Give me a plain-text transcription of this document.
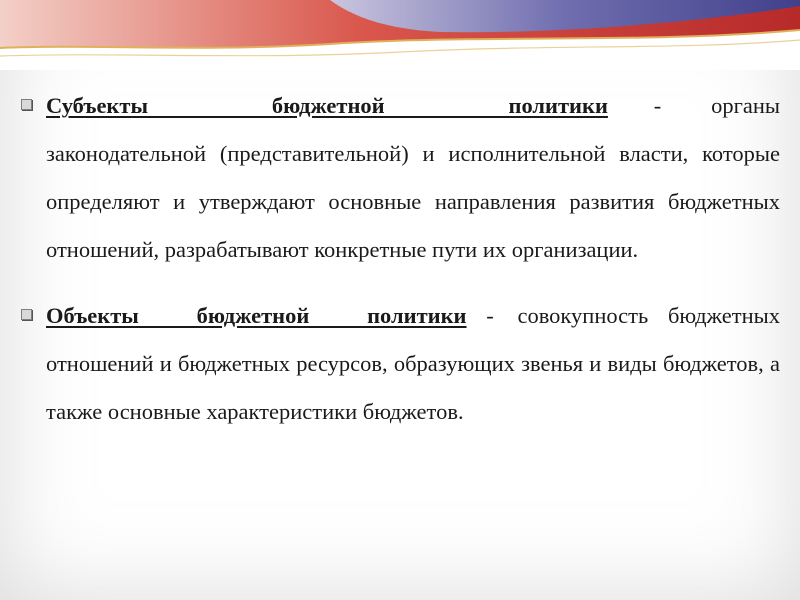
Субъекты бюджетной политики - органы законодательной (представительной) и исполнительной власти, которые определяют и утверждают основные направления развития бюджетных отношений, разрабатывают конкретные пути их организации.
Объекты бюджетной политики - совокупность бюджетных отношений и бюджетных ресурсов, образующих звенья и виды бюджетов, а также основные характеристики бюджетов.
